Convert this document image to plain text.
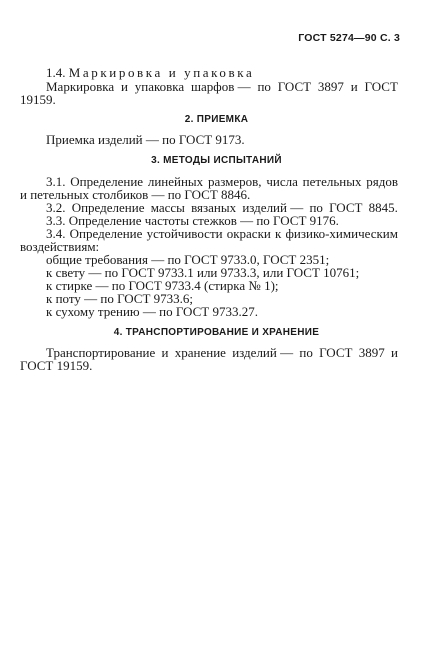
ГОСТ 5274—90 С. 3
1.4. Маркировка и упаковка
Маркировка и упаковка шарфов — по ГОСТ 3897 и ГОСТ
19159.
2. ПРИЕМКА
Приемка изделий — по ГОСТ 9173.
3. МЕТОДЫ ИСПЫТАНИЙ
3.1. Определение линейных размеров, числа петельных рядов
и петельных столбиков — по ГОСТ 8846.
3.2. Определение массы вязаных изделий — по ГОСТ 8845.
3.3. Определение частоты стежков — по ГОСТ 9176.
3.4. Определение устойчивости окраски к физико-химическим
воздействиям:
общие требования — по ГОСТ 9733.0, ГОСТ 2351;
к свету — по ГОСТ 9733.1 или 9733.3, или ГОСТ 10761;
к стирке — по ГОСТ 9733.4 (стирка № 1);
к поту — по ГОСТ 9733.6;
к сухому трению — по ГОСТ 9733.27.
4. ТРАНСПОРТИРОВАНИЕ И ХРАНЕНИЕ
Транспортирование и хранение изделий — по ГОСТ 3897 и
ГОСТ 19159.
